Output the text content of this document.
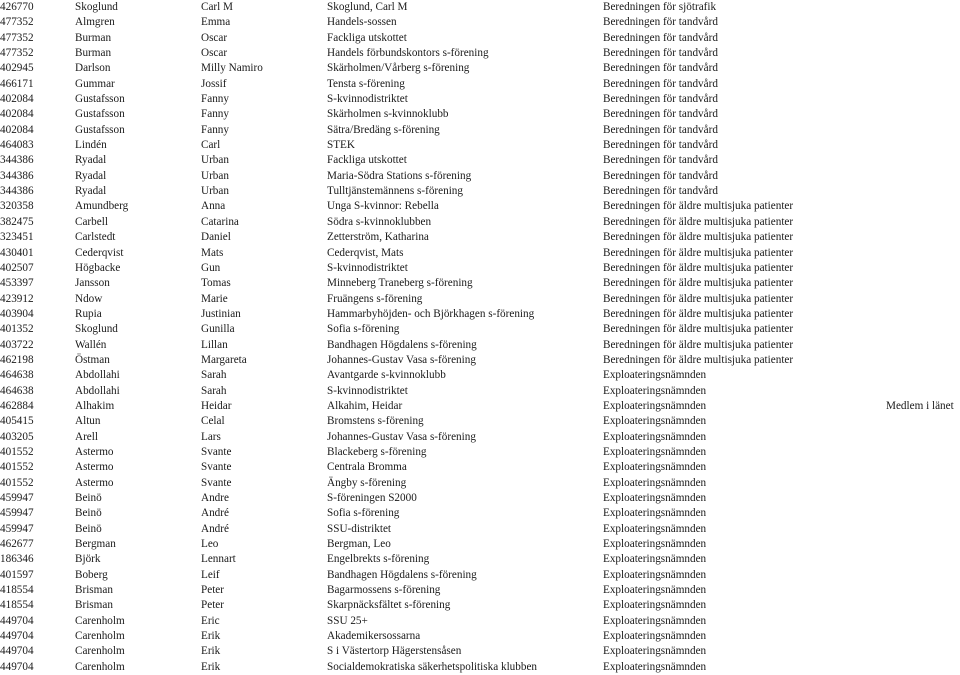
426770	Skoglund	Carl M	Skoglund, Carl M	Beredningen för sjötrafik	
477352	Almgren	Emma	Handels-sossen	Beredningen för tandvård	
477352	Burman	Oscar	Fackliga utskottet	Beredningen för tandvård	
477352	Burman	Oscar	Handels förbundskontors s-förening	Beredningen för tandvård	
402945	Darlson	Milly Namiro	Skärholmen/Vårberg s-förening	Beredningen för tandvård	
466171	Gummar	Jossif	Tensta s-förening	Beredningen för tandvård	
402084	Gustafsson	Fanny	S-kvinnodistriktet	Beredningen för tandvård	
402084	Gustafsson	Fanny	Skärholmen s-kvinnoklubb	Beredningen för tandvård	
402084	Gustafsson	Fanny	Sätra/Bredäng s-förening	Beredningen för tandvård	
464083	Lindén	Carl	STEK	Beredningen för tandvård	
344386	Ryadal	Urban	Fackliga utskottet	Beredningen för tandvård	
344386	Ryadal	Urban	Maria-Södra Stations s-förening	Beredningen för tandvård	
344386	Ryadal	Urban	Tulltjänstemännens s-förening	Beredningen för tandvård	
320358	Amundberg	Anna	Unga S-kvinnor: Rebella	Beredningen för äldre multisjuka patienter	
382475	Carbell	Catarina	Södra s-kvinnoklubben	Beredningen för äldre multisjuka patienter	
323451	Carlstedt	Daniel	Zetterström, Katharina	Beredningen för äldre multisjuka patienter	
430401	Cederqvist	Mats	Cederqvist, Mats	Beredningen för äldre multisjuka patienter	
402507	Högbacke	Gun	S-kvinnodistriktet	Beredningen för äldre multisjuka patienter	
453397	Jansson	Tomas	Minneberg Traneberg s-förening	Beredningen för äldre multisjuka patienter	
423912	Ndow	Marie	Fruängens s-förening	Beredningen för äldre multisjuka patienter	
403904	Rupia	Justinian	Hammarbyhöjden- och Björkhagen s-förening	Beredningen för äldre multisjuka patienter	
401352	Skoglund	Gunilla	Sofia s-förening	Beredningen för äldre multisjuka patienter	
403722	Wallén	Lillan	Bandhagen Högdalens s-förening	Beredningen för äldre multisjuka patienter	
462198	Östman	Margareta	Johannes-Gustav Vasa s-förening	Beredningen för äldre multisjuka patienter	
464638	Abdollahi	Sarah	Avantgarde s-kvinnoklubb	Exploateringsnämnden	
464638	Abdollahi	Sarah	S-kvinnodistriktet	Exploateringsnämnden	
462884	Alhakim	Heidar	Alkahim, Heidar	Exploateringsnämnden	Medlem i länet
405415	Altun	Celal	Bromstens s-förening	Exploateringsnämnden	
403205	Arell	Lars	Johannes-Gustav Vasa s-förening	Exploateringsnämnden	
401552	Astermo	Svante	Blackeberg s-förening	Exploateringsnämnden	
401552	Astermo	Svante	Centrala Bromma	Exploateringsnämnden	
401552	Astermo	Svante	Ängby s-förening	Exploateringsnämnden	
459947	Beinö	Andre	S-föreningen S2000	Exploateringsnämnden	
459947	Beinö	André	Sofia s-förening	Exploateringsnämnden	
459947	Beinö	André	SSU-distriktet	Exploateringsnämnden	
462677	Bergman	Leo	Bergman, Leo	Exploateringsnämnden	
186346	Björk	Lennart	Engelbrekts s-förening	Exploateringsnämnden	
401597	Boberg	Leif	Bandhagen Högdalens s-förening	Exploateringsnämnden	
418554	Brisman	Peter	Bagarmossens s-förening	Exploateringsnämnden	
418554	Brisman	Peter	Skarpnäcksfältet s-förening	Exploateringsnämnden	
449704	Carenholm	Eric	SSU 25+	Exploateringsnämnden	
449704	Carenholm	Erik	Akademikersossarna	Exploateringsnämnden	
449704	Carenholm	Erik	S i Västertorp Hägerstensåsen	Exploateringsnämnden	
449704	Carenholm	Erik	Socialdemokratiska säkerhetspolitiska klubben	Exploateringsnämnden	
